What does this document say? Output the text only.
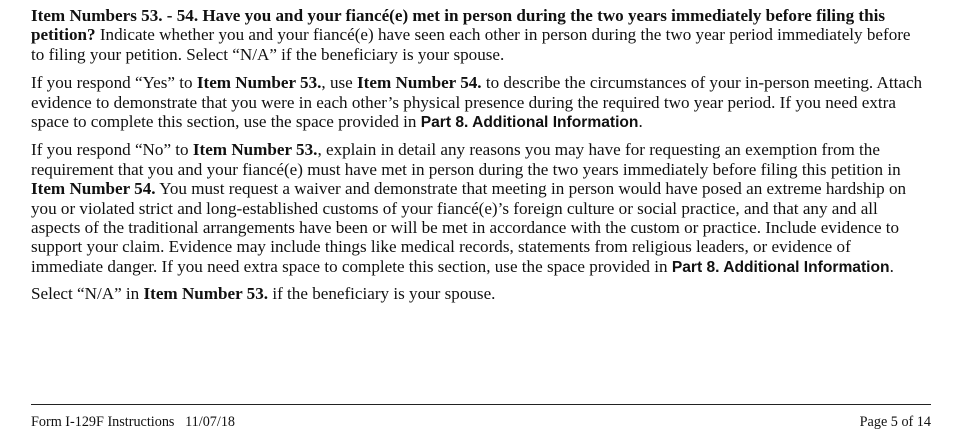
Item Numbers 53. - 54. Have you and your fiancé(e) met in person during the two years immediately before filing this petition? Indicate whether you and your fiancé(e) have seen each other in person during the two year period immediately before to filing your petition. Select “N/A” if the beneficiary is your spouse.

If you respond “Yes” to Item Number 53., use Item Number 54. to describe the circumstances of your in-person meeting. Attach evidence to demonstrate that you were in each other’s physical presence during the required two year period. If you need extra space to complete this section, use the space provided in Part 8. Additional Information.

If you respond “No” to Item Number 53., explain in detail any reasons you may have for requesting an exemption from the requirement that you and your fiancé(e) must have met in person during the two years immediately before filing this petition in Item Number 54. You must request a waiver and demonstrate that meeting in person would have posed an extreme hardship on you or violated strict and long-established customs of your fiancé(e)’s foreign culture or social practice, and that any and all aspects of the traditional arrangements have been or will be met in accordance with the custom or practice. Include evidence to support your claim. Evidence may include things like medical records, statements from religious leaders, or evidence of immediate danger. If you need extra space to complete this section, use the space provided in Part 8. Additional Information.

Select “N/A” in Item Number 53. if the beneficiary is your spouse.

Form I-129F Instructions   11/07/18	Page 5 of 14
